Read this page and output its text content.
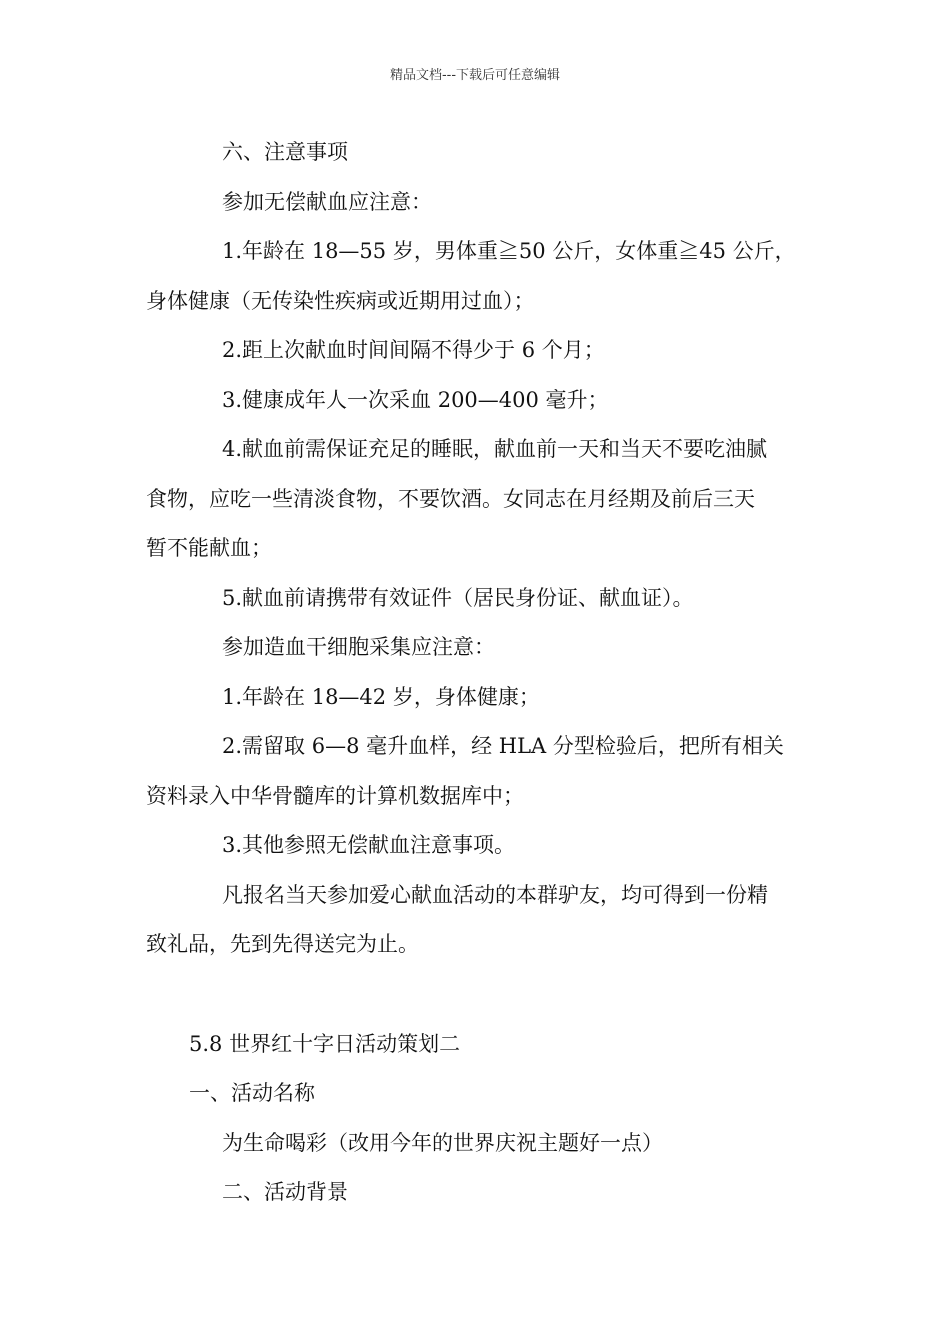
精品文档---下载后可任意编辑

六、注意事项

参加无偿献血应注意：

1.年龄在 18—55 岁，男体重≧50 公斤，女体重≧45 公斤，

身体健康（无传染性疾病或近期用过血）；

2.距上次献血时间间隔不得少于 6 个月；

3.健康成年人一次采血 200—400 毫升；

4.献血前需保证充足的睡眠，献血前一天和当天不要吃油腻

食物，应吃一些清淡食物，不要饮酒。女同志在月经期及前后三天

暂不能献血；

5.献血前请携带有效证件（居民身份证、献血证）。

参加造血干细胞采集应注意：

1.年龄在 18—42 岁，身体健康；

2.需留取 6—8 毫升血样，经 HLA 分型检验后，把所有相关

资料录入中华骨髓库的计算机数据库中；

3.其他参照无偿献血注意事项。

凡报名当天参加爱心献血活动的本群驴友，均可得到一份精

致礼品，先到先得送完为止。

5.8 世界红十字日活动策划二

一、活动名称

为生命喝彩（改用今年的世界庆祝主题好一点）

二、活动背景
